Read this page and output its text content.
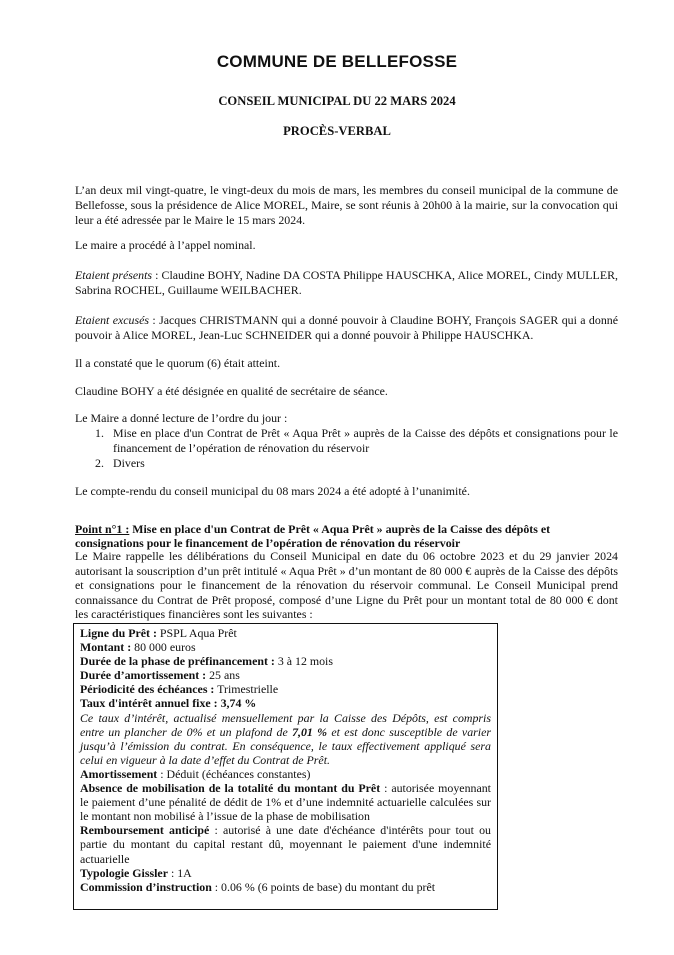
COMMUNE DE BELLEFOSSE
CONSEIL MUNICIPAL DU 22 MARS 2024
PROCÈS-VERBAL

L’an deux mil vingt-quatre, le vingt-deux du mois de mars, les membres du conseil municipal de la commune de Bellefosse, sous la présidence de Alice MOREL, Maire, se sont réunis à 20h00 à la mairie, sur la convocation qui leur a été adressée par le Maire le 15 mars 2024.

Le maire a procédé à l’appel nominal.

Etaient présents : Claudine BOHY, Nadine DA COSTA Philippe HAUSCHKA, Alice MOREL, Cindy MULLER, Sabrina ROCHEL, Guillaume WEILBACHER.

Etaient excusés : Jacques CHRISTMANN qui a donné pouvoir à Claudine BOHY, François SAGER qui a donné pouvoir à Alice MOREL, Jean-Luc SCHNEIDER qui a donné pouvoir à Philippe HAUSCHKA.

Il a constaté que le quorum (6) était atteint.

Claudine BOHY a été désignée en qualité de secrétaire de séance.

Le Maire a donné lecture de l’ordre du jour :
1. Mise en place d'un Contrat de Prêt « Aqua Prêt » auprès de la Caisse des dépôts et consignations pour le financement de l’opération de rénovation du réservoir
2. Divers

Le compte-rendu du conseil municipal du 08 mars 2024 a été adopté à l’unanimité.

Point n°1 : Mise en place d'un Contrat de Prêt « Aqua Prêt » auprès de la Caisse des dépôts et consignations pour le financement de l’opération de rénovation du réservoir

Le Maire rappelle les délibérations du Conseil Municipal en date du 06 octobre 2023 et du 29 janvier 2024 autorisant la souscription d’un prêt intitulé « Aqua Prêt » d’un montant de 80 000 € auprès de la Caisse des dépôts et consignations pour le financement de la rénovation du réservoir communal. Le Conseil Municipal prend connaissance du Contrat de Prêt proposé, composé d’une Ligne du Prêt pour un montant total de 80 000 € dont les caractéristiques financières sont les suivantes :

Ligne du Prêt : PSPL Aqua Prêt

Montant : 80 000 euros

Durée de la phase de préfinancement : 3 à 12 mois

Durée d’amortissement : 25 ans

Périodicité des échéances : Trimestrielle

Taux d'intérêt annuel fixe : 3,74 %

Ce taux d’intérêt, actualisé mensuellement par la Caisse des Dépôts, est compris entre un plancher de 0% et un plafond de 7,01 % et est donc susceptible de varier jusqu’à l’émission du contrat. En conséquence, le taux effectivement appliqué sera celui en vigueur à la date d’effet du Contrat de Prêt.

Amortissement : Déduit (échéances constantes)

Absence de mobilisation de la totalité du montant du Prêt : autorisée moyennant le paiement d’une pénalité de dédit de 1% et d’une indemnité actuarielle calculées sur le montant non mobilisé à l’issue de la phase de mobilisation

Remboursement anticipé : autorisé à une date d'échéance d'intérêts pour tout ou partie du montant du capital restant dû, moyennant le paiement d'une indemnité actuarielle

Typologie Gissler : 1A

Commission d’instruction : 0.06 % (6 points de base) du montant du prêt
